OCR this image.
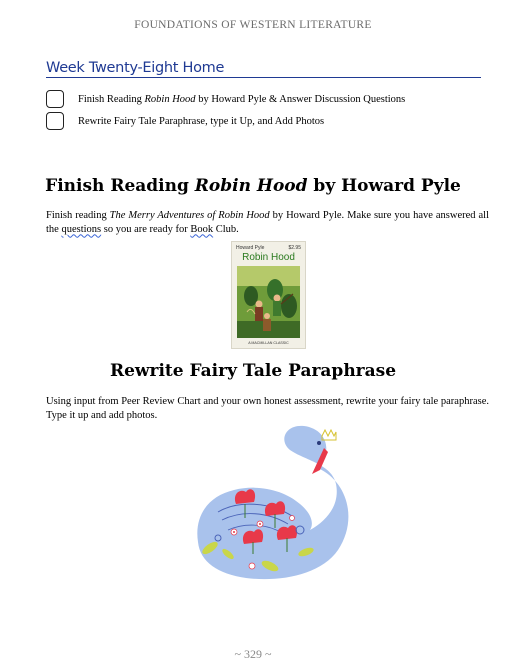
FOUNDATIONS OF WESTERN LITERATURE
Week Twenty-Eight Home
Finish Reading Robin Hood by Howard Pyle & Answer Discussion Questions
Rewrite Fairy Tale Paraphrase, type it Up, and Add Photos
Finish Reading Robin Hood by Howard Pyle
Finish reading The Merry Adventures of Robin Hood by Howard Pyle. Make sure you have answered all the questions so you are ready for Book Club.
Howard Pyle	$2.95
Robin Hood
A MACMILLAN CLASSIC
Rewrite Fairy Tale Paraphrase
Using input from Peer Review Chart and your own honest assessment, rewrite your fairy tale paraphrase. Type it up and add photos.
~ 329 ~
